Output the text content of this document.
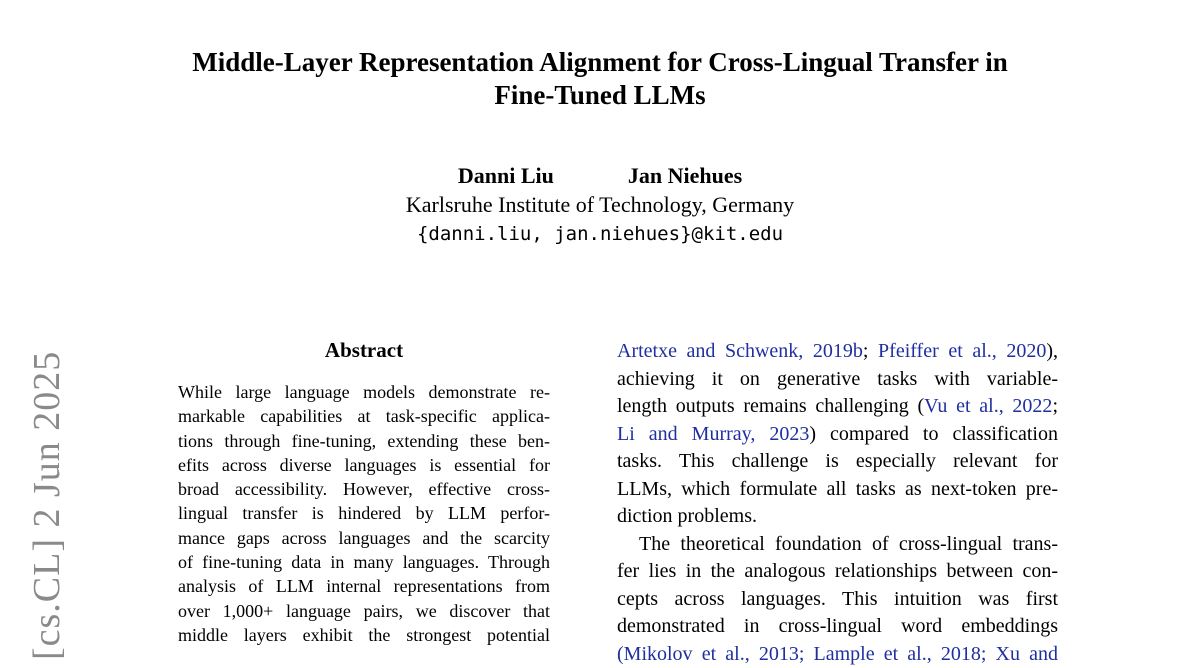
Middle-Layer Representation Alignment for Cross-Lingual Transfer in
Fine-Tuned LLMs
Danni Liu	Jan Niehues
Karlsruhe Institute of Technology, Germany
{danni.liu, jan.niehues}@kit.edu
[cs.CL] 2 Jun 2025
Abstract
While large language models demonstrate re-
markable capabilities at task-specific applica-
tions through fine-tuning, extending these ben-
efits across diverse languages is essential for
broad accessibility. However, effective cross-
lingual transfer is hindered by LLM perfor-
mance gaps across languages and the scarcity
of fine-tuning data in many languages. Through
analysis of LLM internal representations from
over 1,000+ language pairs, we discover that
middle layers exhibit the strongest potential
Artetxe and Schwenk, 2019b; Pfeiffer et al., 2020),
achieving it on generative tasks with variable-
length outputs remains challenging (Vu et al., 2022;
Li and Murray, 2023) compared to classification
tasks. This challenge is especially relevant for
LLMs, which formulate all tasks as next-token pre-
diction problems.
The theoretical foundation of cross-lingual trans-
fer lies in the analogous relationships between con-
cepts across languages. This intuition was first
demonstrated in cross-lingual word embeddings
(Mikolov et al., 2013; Lample et al., 2018; Xu and
